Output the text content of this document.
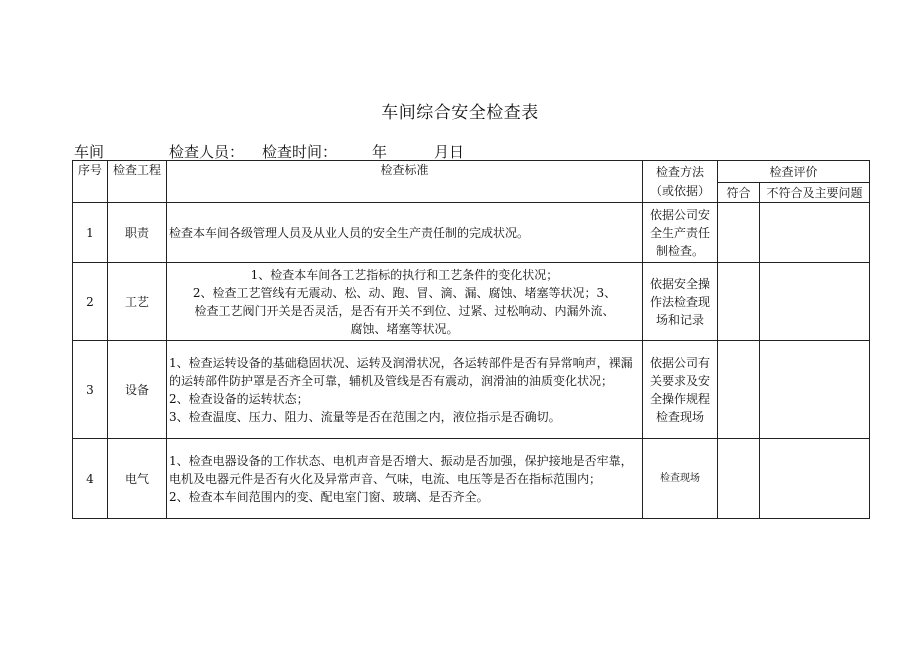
车间综合安全检查表
车间	检查人员： 检查时间： 年	月日
序号	检查工程	检查标准	检查方法
（或依据）	检查评价	
				符合	不符合及主要问题
1	职责	检查本车间各级管理人员及从业人员的安全生产责任制的完成状况。	依据公司安
全生产责任
制检查。		
2	工艺	1、检查本车间各工艺指标的执行和工艺条件的变化状况；
2、检查工艺管线有无震动、松、动、跑、冒、滴、漏、腐蚀、堵塞等状况；3、
检查工艺阀门开关是否灵活，是否有开关不到位、过紧、过松响动、内漏外流、
腐蚀、堵塞等状况。	依据安全操
作法检查现
场和记录		
3	设备	1、检查运转设备的基础稳固状况、运转及润滑状况，各运转部件是否有异常响声，裸漏的运转部件防护罩是否齐全可靠，辅机及管线是否有震动，润滑油的油质变化状况；
2、检查设备的运转状态；
3、检查温度、压力、阻力、流量等是否在范围之内，液位指示是否确切。	依据公司有
关要求及安
全操作规程
检查现场		
4	电气	1、检查电器设备的工作状态、电机声音是否增大、振动是否加强，保护接地是否牢靠，电机及电器元件是否有火化及异常声音、气味，电流、电压等是否在指标范围内；
2、检查本车间范围内的变、配电室门窗、玻璃、是否齐全。	检查现场		
